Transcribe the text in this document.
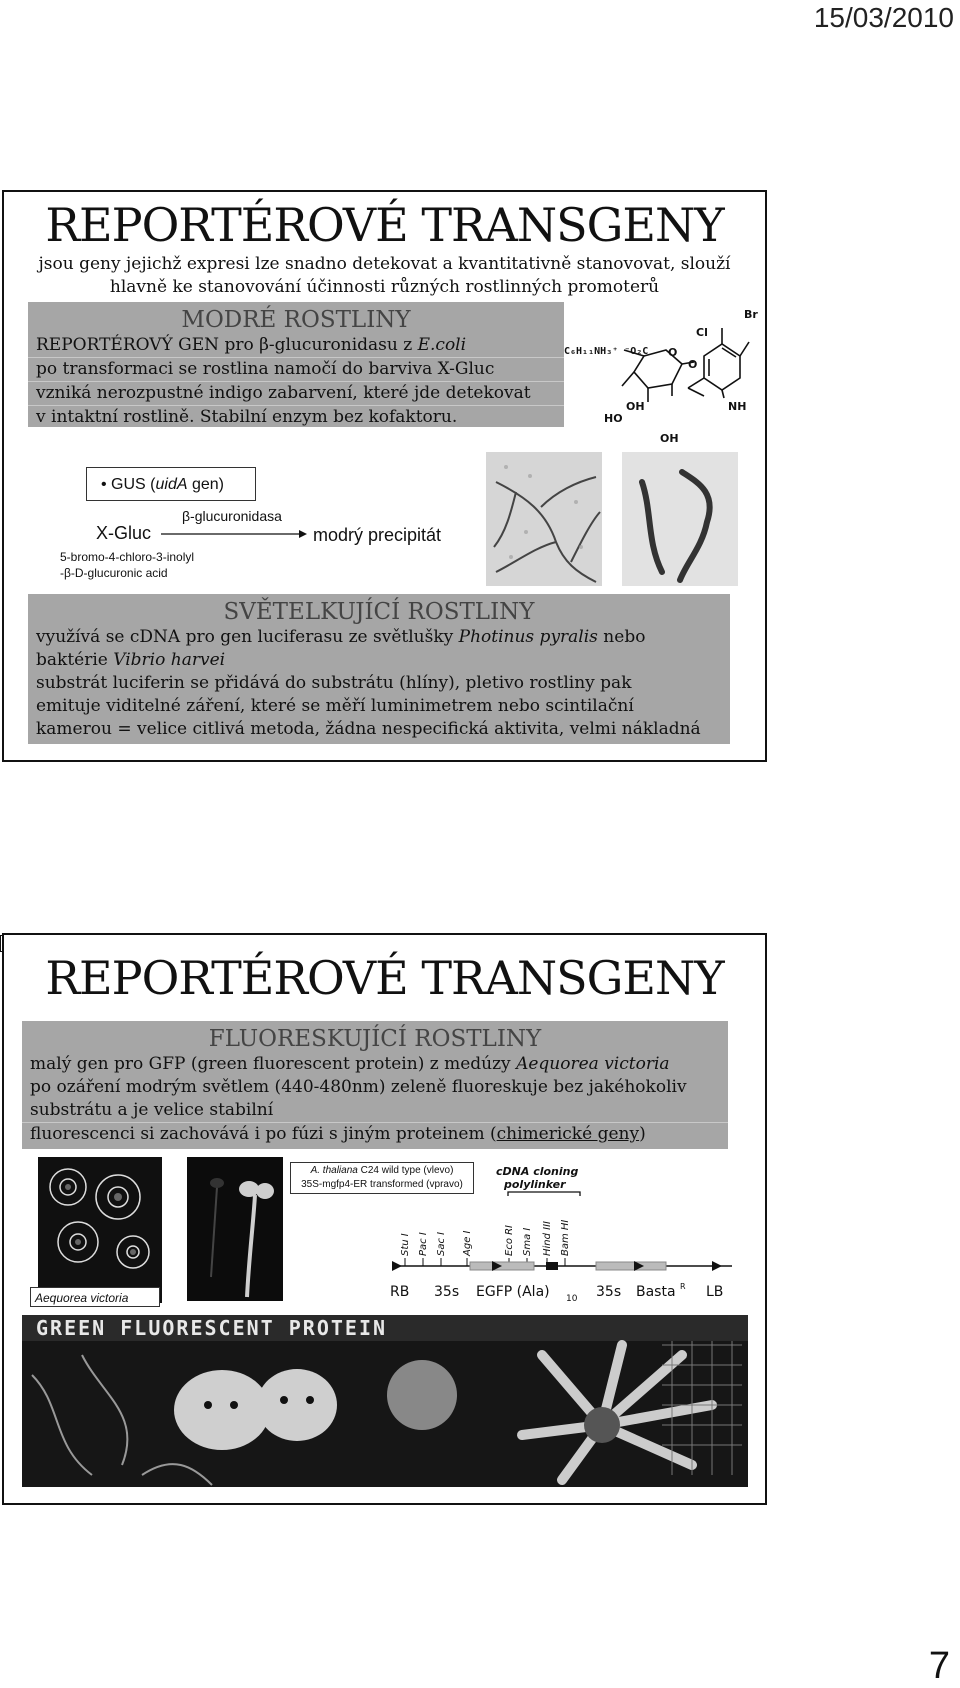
15/03/2010
7
REPORTÉROVÉ TRANSGENY
jsou geny jejichž expresi lze snadno detekovat a kvantitativně stanovovat, slouží
hlavně ke stanovování účinnosti různých rostlinných promoterů
MODRÉ ROSTLINY
REPORTÉROVÝ GEN pro β-glucuronidasu z E.coli
po transformaci se rostlina namočí do barviva X-Gluc
vzniká nerozpustné indigo zabarvení, které jde detekovat
v intaktní rostlině. Stabilní enzym bez kofaktoru.
C₆H₁₁NH₃⁺ ⁻O₂C
Br
Cl
NH
O
O
OH
HO
OH
• GUS (uidA gen)
β-glucuronidasa
X-Gluc	modrý precipitát
5-bromo-4-chloro-3-inolyl
-β-D-glucuronic acid
SVĚTELKUJÍCÍ ROSTLINY
využívá se cDNA pro gen luciferasu ze světlušky Photinus pyralis nebo
baktérie Vibrio harvei
substrát luciferin se přidává do substrátu (hlíny), pletivo rostliny pak
emituje viditelné záření, které se měří luminimetrem nebo scintilační
kamerou = velice citlivá metoda, žádna nespecifická aktivita, velmi nákladná
REPORTÉROVÉ TRANSGENY
FLUORESKUJÍCÍ ROSTLINY
malý gen pro GFP (green fluorescent protein) z medúzy Aequorea victoria
po ozáření modrým světlem (440-480nm) zeleně fluoreskuje bez jakéhokoliv
substrátu a je velice stabilní
fluorescenci si zachovává i po fúzi s jiným proteinem (chimerické geny)
Aequorea victoria
A. thaliana C24 wild type (vlevo)
35S-mgfp4-ER transformed (vpravo)
cDNA cloning
polylinker
Stu I Pac I Sac I Age I	Eco RI Sma I Hind III Bam HI
RB 35s EGFP (Ala) 10 35s Basta R LB
GREEN FLUORESCENT PROTEIN
